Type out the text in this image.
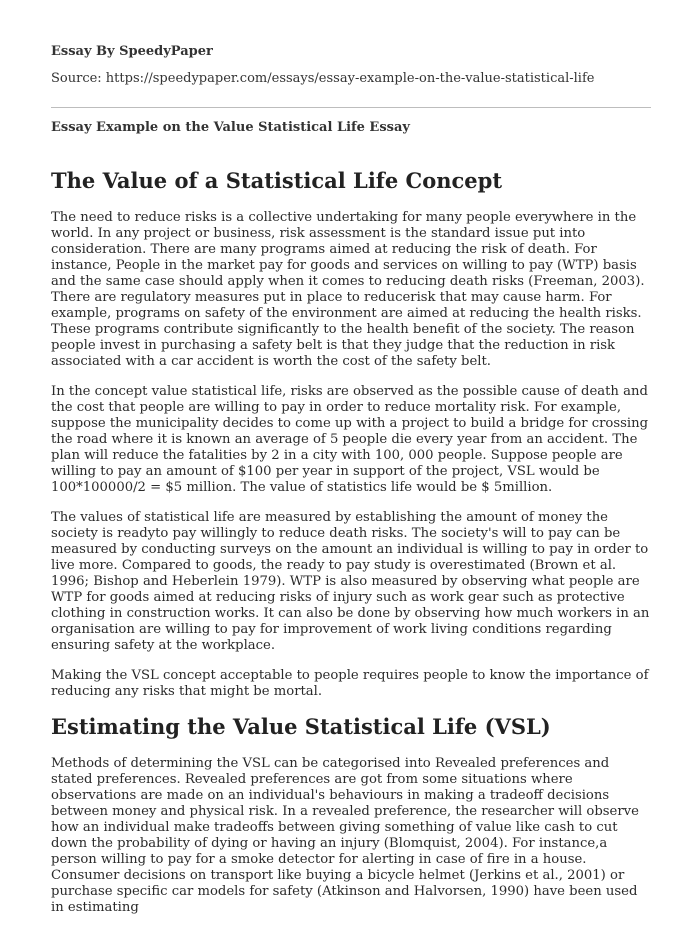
Essay By SpeedyPaper
Source: https://speedypaper.com/essays/essay-example-on-the-value-statistical-life
Essay Example on the Value Statistical Life Essay
The Value of a Statistical Life Concept

The need to reduce risks is a collective undertaking for many people everywhere in the world. In any project or business, risk assessment is the standard issue put into consideration. There are many programs aimed at reducing the risk of death. For instance, People in the market pay for goods and services on willing to pay (WTP) basis and the same case should apply when it comes to reducing death risks (Freeman, 2003). There are regulatory measures put in place to reducerisk that may cause harm. For example, programs on safety of the environment are aimed at reducing the health risks. These programs contribute significantly to the health benefit of the society. The reason people invest in purchasing a safety belt is that they judge that the reduction in risk associated with a car accident is worth the cost of the safety belt.

In the concept value statistical life, risks are observed as the possible cause of death and the cost that people are willing to pay in order to reduce mortality risk. For example, suppose the municipality decides to come up with a project to build a bridge for crossing the road where it is known an average of 5 people die every year from an accident. The plan will reduce the fatalities by 2 in a city with 100, 000 people. Suppose people are willing to pay an amount of $100 per year in support of the project, VSL would be 100*100000/2 = $5 million. The value of statistics life would be $ 5million.

The values of statistical life are measured by establishing the amount of money the society is readyto pay willingly to reduce death risks. The society's will to pay can be measured by conducting surveys on the amount an individual is willing to pay in order to live more. Compared to goods, the ready to pay study is overestimated (Brown et al. 1996; Bishop and Heberlein 1979). WTP is also measured by observing what people are WTP for goods aimed at reducing risks of injury such as work gear such as protective clothing in construction works. It can also be done by observing how much workers in an organisation are willing to pay for improvement of work living conditions regarding ensuring safety at the workplace.

Making the VSL concept acceptable to people requires people to know the importance of reducing any risks that might be mortal.

Estimating the Value Statistical Life (VSL)

Methods of determining the VSL can be categorised into Revealed preferences and stated preferences. Revealed preferences are got from some situations where observations are made on an individual's behaviours in making a tradeoff decisions between money and physical risk. In a revealed preference, the researcher will observe how an individual make tradeoffs between giving something of value like cash to cut down the probability of dying or having an injury (Blomquist, 2004). For instance,a person willing to pay for a smoke detector for alerting in case of fire in a house. Consumer decisions on transport like buying a bicycle helmet (Jerkins et al., 2001) or purchase specific car models for safety (Atkinson and Halvorsen, 1990) have been used in estimating
